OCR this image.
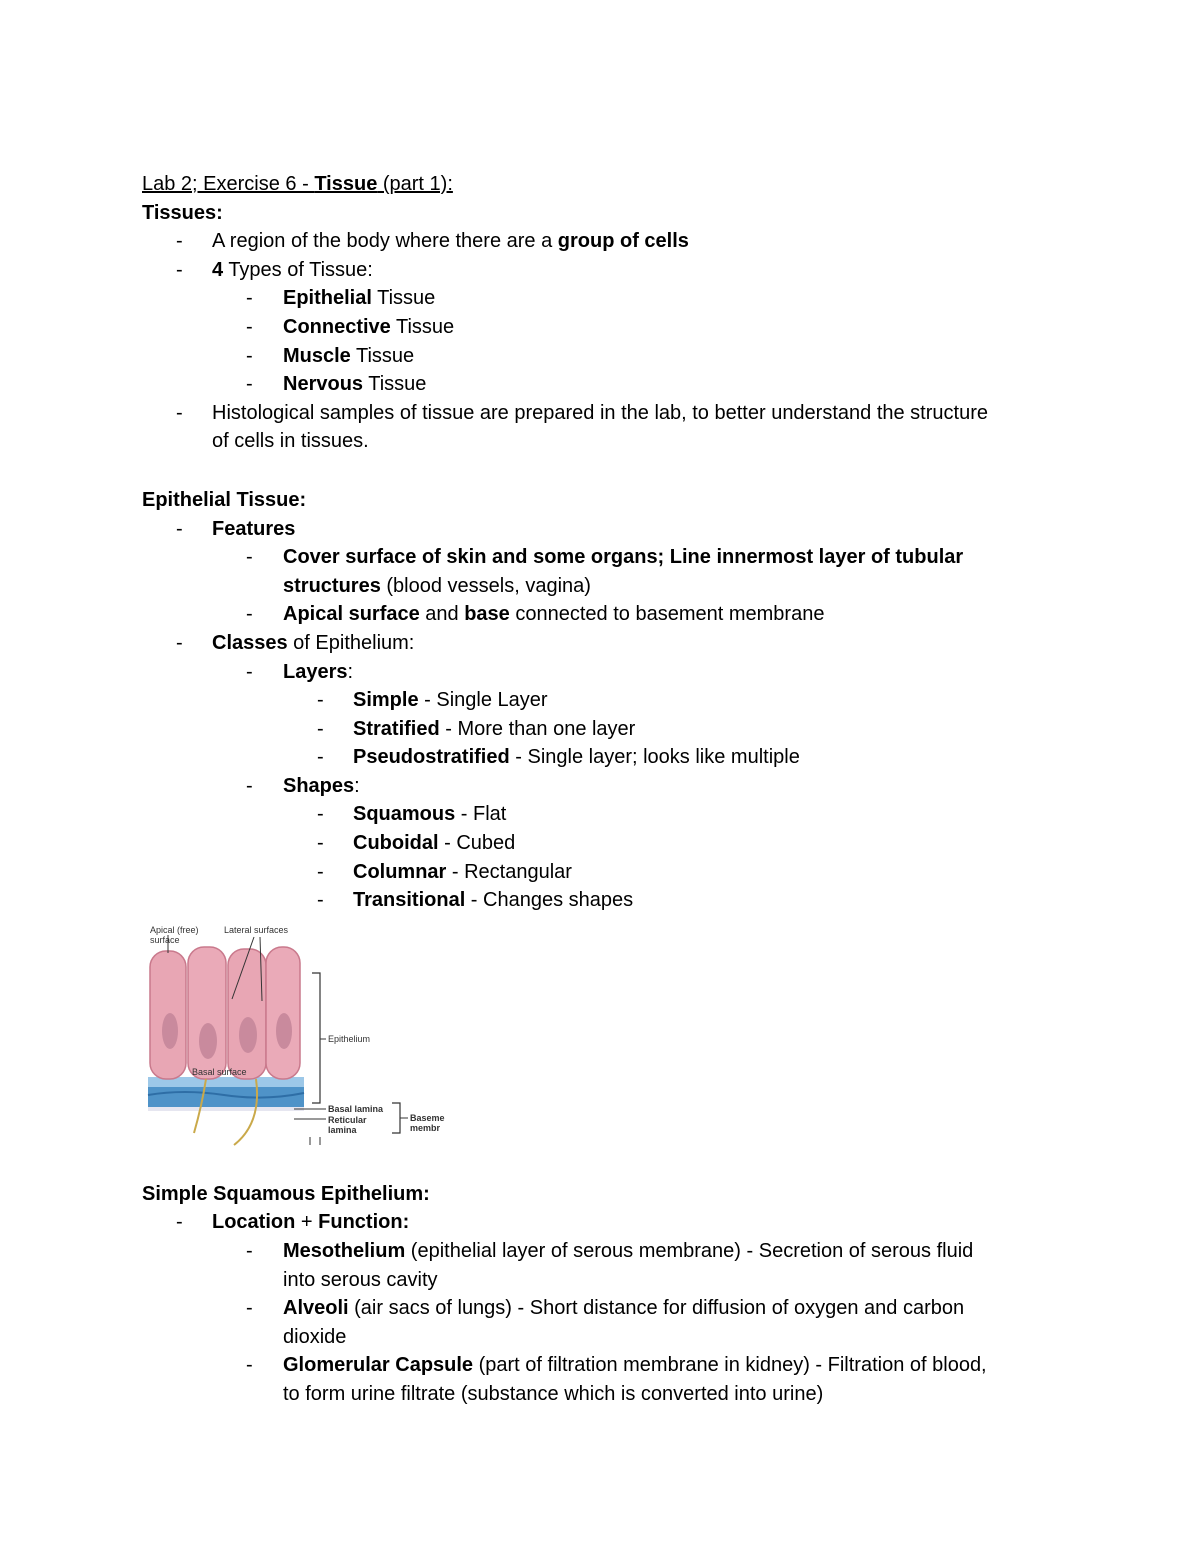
Lab 2; Exercise 6 - Tissue (part 1):
Tissues:
-	A region of the body where there are a group of cells
-	4 Types of Tissue:
-	Epithelial Tissue
-	Connective Tissue
-	Muscle Tissue
-	Nervous Tissue
-	Histological samples of tissue are prepared in the lab, to better understand the structure
of cells in tissues.
Epithelial Tissue:
-	Features
-	Cover surface of skin and some organs; Line innermost layer of tubular
structures (blood vessels, vagina)
-	Apical surface and base connected to basement membrane
-	Classes of Epithelium:
-	Layers:
-	Simple - Single Layer
-	Stratified - More than one layer
-	Pseudostratified - Single layer; looks like multiple
-	Shapes:
-	Squamous - Flat
-	Cuboidal - Cubed
-	Columnar - Rectangular
-	Transitional - Changes shapes
Apical (free)
surface
Lateral surfaces
Epithelium
Basal surface
Basal lamina
Reticular
lamina
Baseme
membr
Simple Squamous Epithelium:
-	Location + Function:
-	Mesothelium (epithelial layer of serous membrane) - Secretion of serous fluid
into serous cavity
-	Alveoli (air sacs of lungs) - Short distance for diffusion of oxygen and carbon
dioxide
-	Glomerular Capsule (part of filtration membrane in kidney) - Filtration of blood,
to form urine filtrate (substance which is converted into urine)
